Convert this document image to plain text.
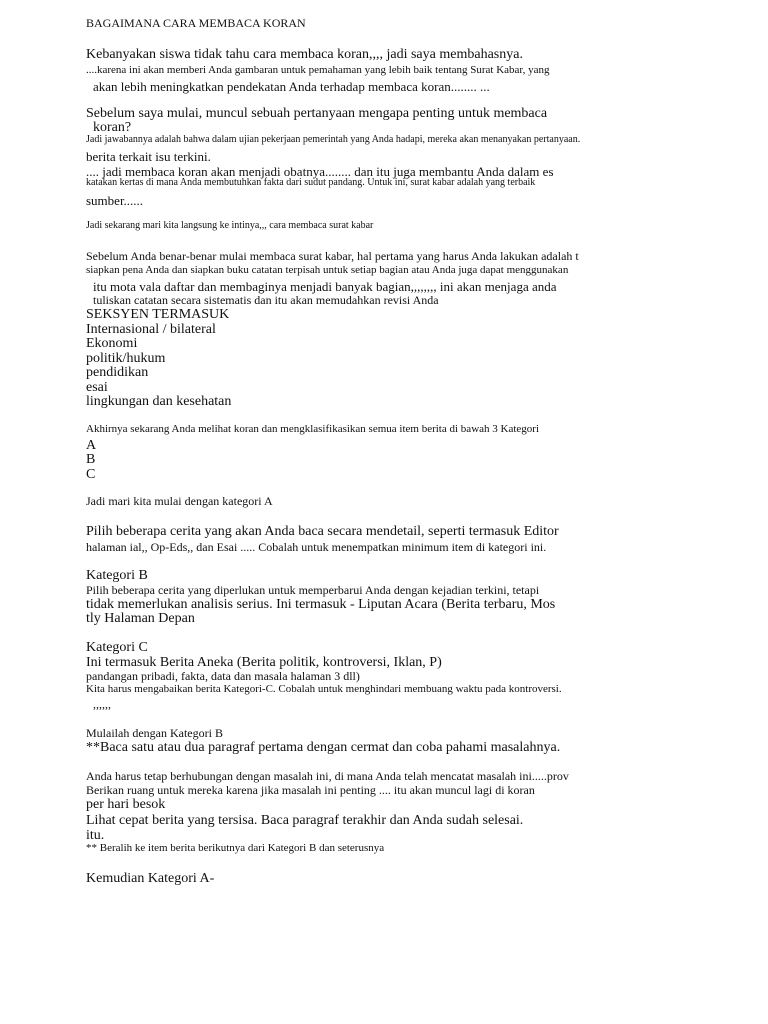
BAGAIMANA CARA MEMBACA KORAN
Kebanyakan siswa tidak tahu cara membaca koran,,,, jadi saya membahasnya.
....karena ini akan memberi Anda gambaran untuk pemahaman yang lebih baik tentang Surat Kabar, yang
akan lebih meningkatkan pendekatan Anda terhadap membaca koran........ ...
Sebelum saya mulai, muncul sebuah pertanyaan mengapa penting untuk membaca
koran?
Jadi jawabannya adalah bahwa dalam ujian pekerjaan pemerintah yang Anda hadapi, mereka akan menanyakan pertanyaan.
berita terkait isu terkini.
.... jadi membaca koran akan menjadi obatnya........ dan itu juga membantu Anda dalam es
katakan kertas di mana Anda membutuhkan fakta dari sudut pandang. Untuk ini, surat kabar adalah yang terbaik
sumber......
Jadi sekarang mari kita langsung ke intinya,,, cara membaca surat kabar
Sebelum Anda benar-benar mulai membaca surat kabar, hal pertama yang harus Anda lakukan adalah t
siapkan pena Anda dan siapkan buku catatan terpisah untuk setiap bagian atau Anda juga dapat menggunakan
itu mota vala daftar dan membaginya menjadi banyak bagian,,,,,,,, ini akan menjaga anda
tuliskan catatan secara sistematis dan itu akan memudahkan revisi Anda
SEKSYEN TERMASUK
Internasional / bilateral
Ekonomi
politik/hukum
pendidikan
esai
lingkungan dan kesehatan
Akhirnya sekarang Anda melihat koran dan mengklasifikasikan semua item berita di bawah 3 Kategori
A
B
C
Jadi mari kita mulai dengan kategori A
Pilih beberapa cerita yang akan Anda baca secara mendetail, seperti termasuk Editor
halaman ial,, Op-Eds,, dan Esai ..... Cobalah untuk menempatkan minimum item di kategori ini.
Kategori B
Pilih beberapa cerita yang diperlukan untuk memperbarui Anda dengan kejadian terkini, tetapi
tidak memerlukan analisis serius. Ini termasuk - Liputan Acara (Berita terbaru, Mos
tly Halaman Depan
Kategori C
Ini termasuk Berita Aneka (Berita politik, kontroversi, Iklan, P)
pandangan pribadi, fakta, data dan masala halaman 3 dll)
Kita harus mengabaikan berita Kategori-C. Cobalah untuk menghindari membuang waktu pada kontroversi.
,,,,,,
Mulailah dengan Kategori B
**Baca satu atau dua paragraf pertama dengan cermat dan coba pahami masalahnya.
Anda harus tetap berhubungan dengan masalah ini, di mana Anda telah mencatat masalah ini.....prov
Berikan ruang untuk mereka karena jika masalah ini penting .... itu akan muncul lagi di koran
per hari besok
Lihat cepat berita yang tersisa. Baca paragraf terakhir dan Anda sudah selesai.
itu.
** Beralih ke item berita berikutnya dari Kategori B dan seterusnya
Kemudian Kategori A-
